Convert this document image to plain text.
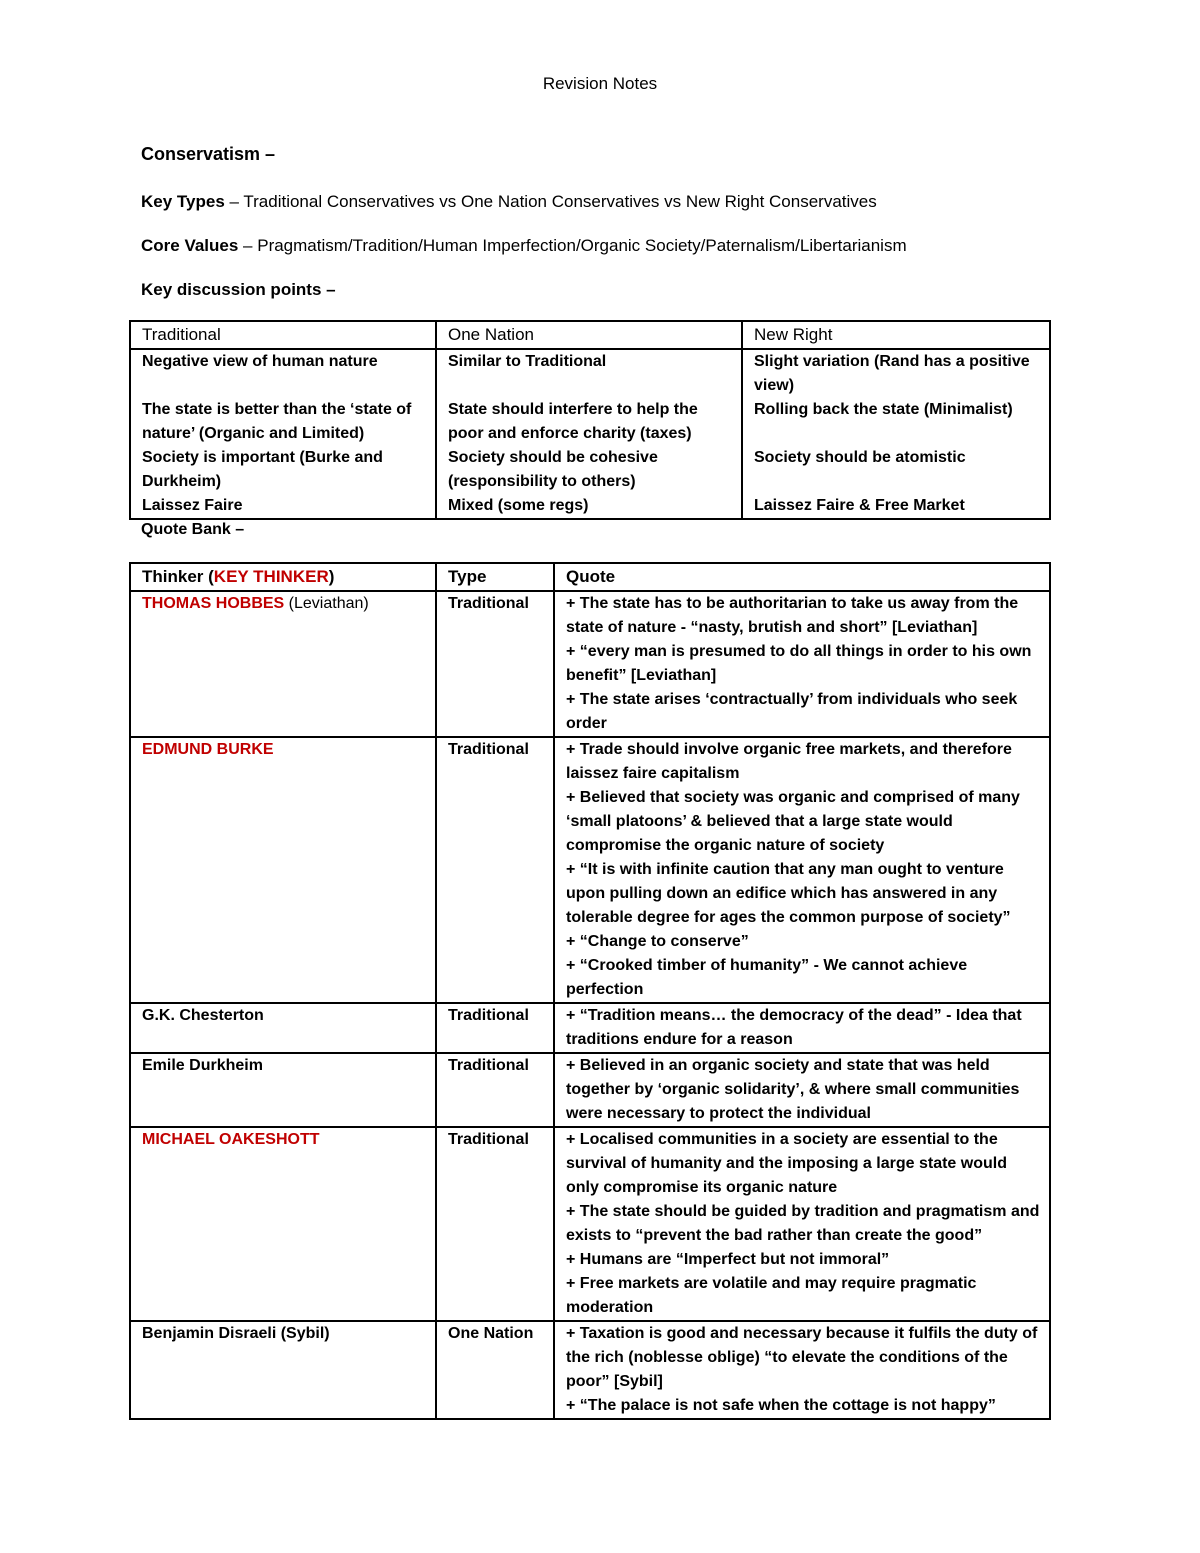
Revision Notes
Conservatism –
Key Types – Traditional Conservatives vs One Nation Conservatives vs New Right Conservatives
Core Values – Pragmatism/Tradition/Human Imperfection/Organic Society/Paternalism/Libertarianism
Key discussion points –
Traditional	One Nation	New Right
Negative view of human nature	Similar to Traditional	Slight variation (Rand has a positive view)
The state is better than the ‘state of nature’ (Organic and Limited)	State should interfere to help the poor and enforce charity (taxes)	Rolling back the state (Minimalist)
Society is important (Burke and Durkheim)	Society should be cohesive (responsibility to others)	Society should be atomistic
Laissez Faire	Mixed (some regs)	Laissez Faire & Free Market
Quote Bank –
Thinker (KEY THINKER)	Type	Quote
THOMAS HOBBES (Leviathan)	Traditional	+ The state has to be authoritarian to take us away from the state of nature - “nasty, brutish and short” [Leviathan]
+ “every man is presumed to do all things in order to his own benefit” [Leviathan]
+ The state arises ‘contractually’ from individuals who seek order

EDMUND BURKE	Traditional	+ Trade should involve organic free markets, and therefore laissez faire capitalism
+ Believed that society was organic and comprised of many ‘small platoons’ & believed that a large state would compromise the organic nature of society
+ “It is with infinite caution that any man ought to venture upon pulling down an edifice which has answered in any tolerable degree for ages the common purpose of society”
+ “Change to conserve”
+ “Crooked timber of humanity” - We cannot achieve perfection

G.K. Chesterton	Traditional	+ “Tradition means… the democracy of the dead” - Idea that traditions endure for a reason

Emile Durkheim	Traditional	+ Believed in an organic society and state that was held together by ‘organic solidarity’, & where small communities were necessary to protect the individual

MICHAEL OAKESHOTT	Traditional	+ Localised communities in a society are essential to the survival of humanity and the imposing a large state would only compromise its organic nature
+ The state should be guided by tradition and pragmatism and exists to “prevent the bad rather than create the good”
+ Humans are “Imperfect but not immoral”
+ Free markets are volatile and may require pragmatic moderation

Benjamin Disraeli (Sybil)	One Nation	+ Taxation is good and necessary because it fulfils the duty of the rich (noblesse oblige) “to elevate the conditions of the poor” [Sybil]
+ “The palace is not safe when the cottage is not happy”
